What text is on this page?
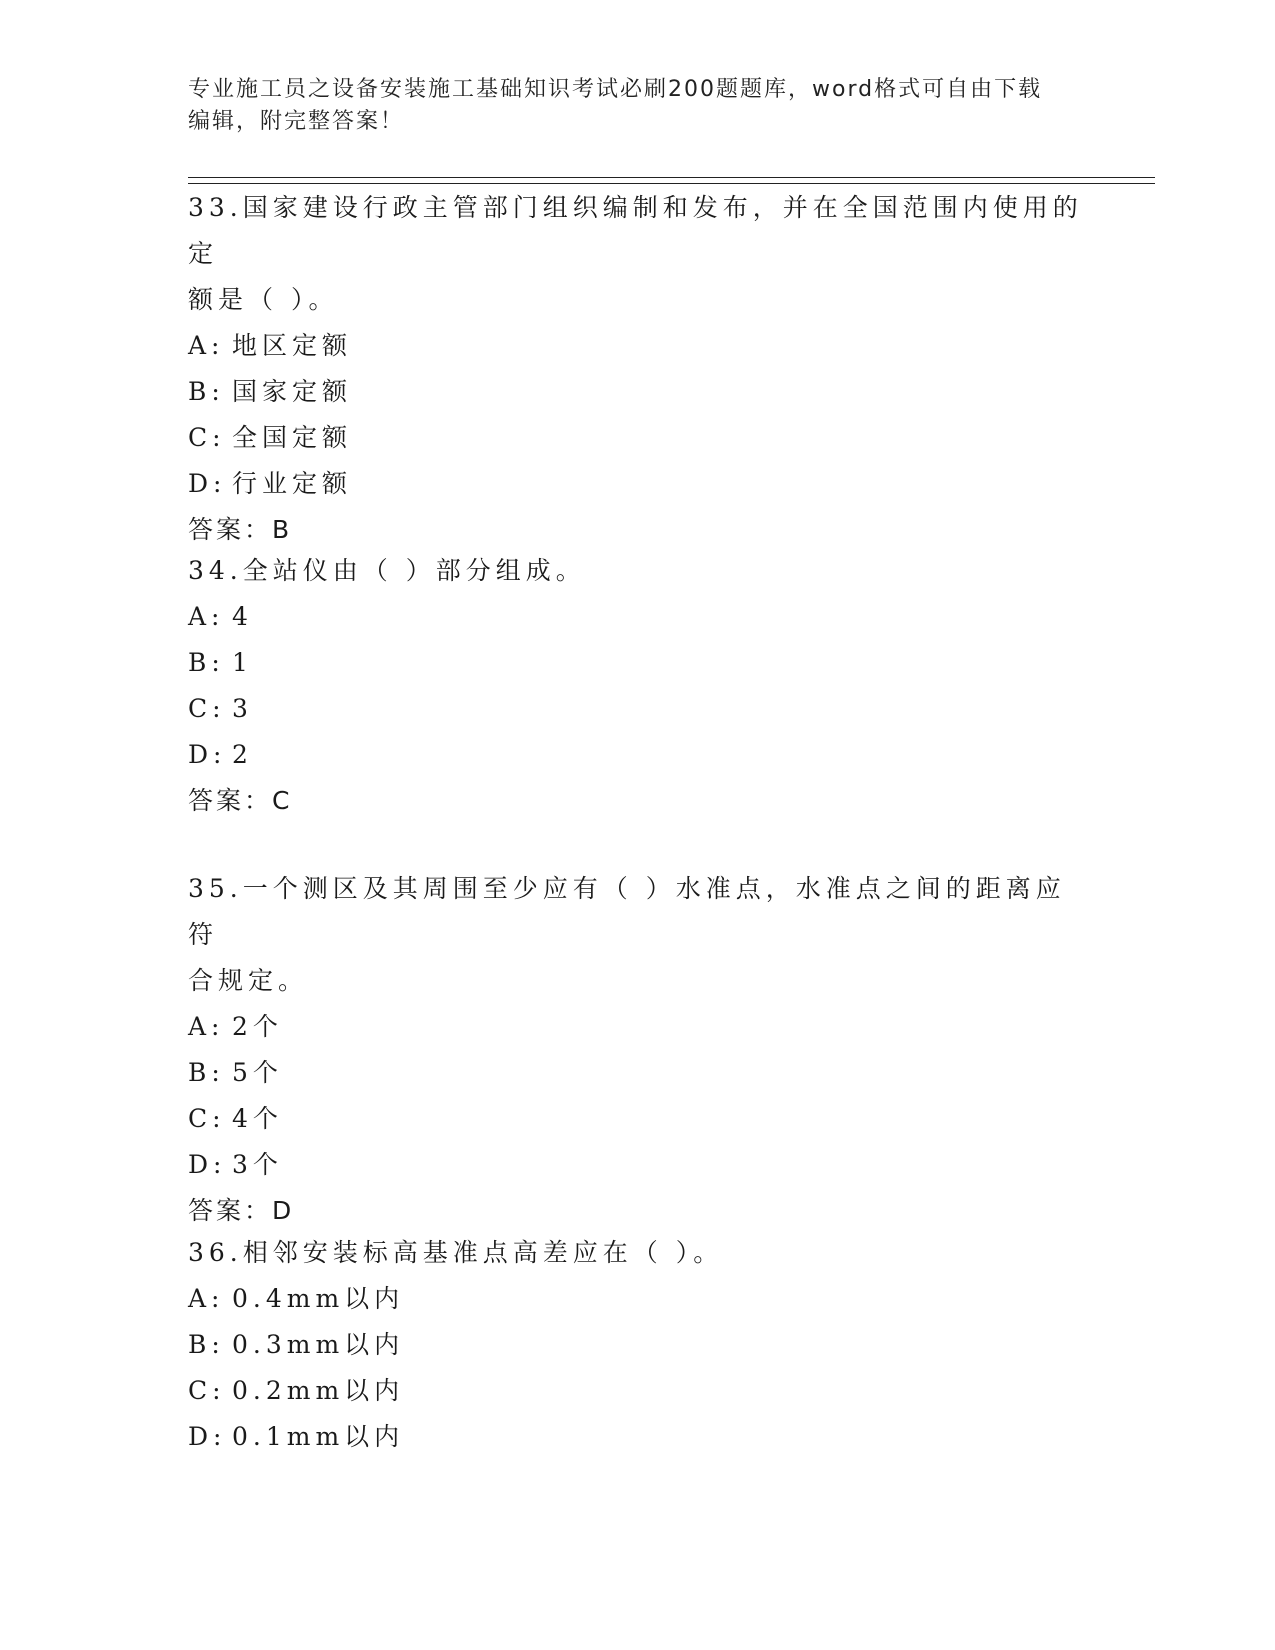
专业施工员之设备安装施工基础知识考试必刷200题题库，word格式可自由下载
编辑，附完整答案！
33.国家建设行政主管部门组织编制和发布，并在全国范围内使用的定
额是（ ）。
A: 地区定额
B: 国家定额
C: 全国定额
D: 行业定额
答案： B
34.全站仪由（ ）部分组成。
A: 4
B: 1
C: 3
D: 2
答案： C
35.一个测区及其周围至少应有（ ）水准点，水准点之间的距离应符
合规定。
A: 2个
B: 5个
C: 4个
D: 3个
答案： D
36.相邻安装标高基准点高差应在（ ）。
A: 0.4mm以内
B: 0.3mm以内
C: 0.2mm以内
D: 0.1mm以内
